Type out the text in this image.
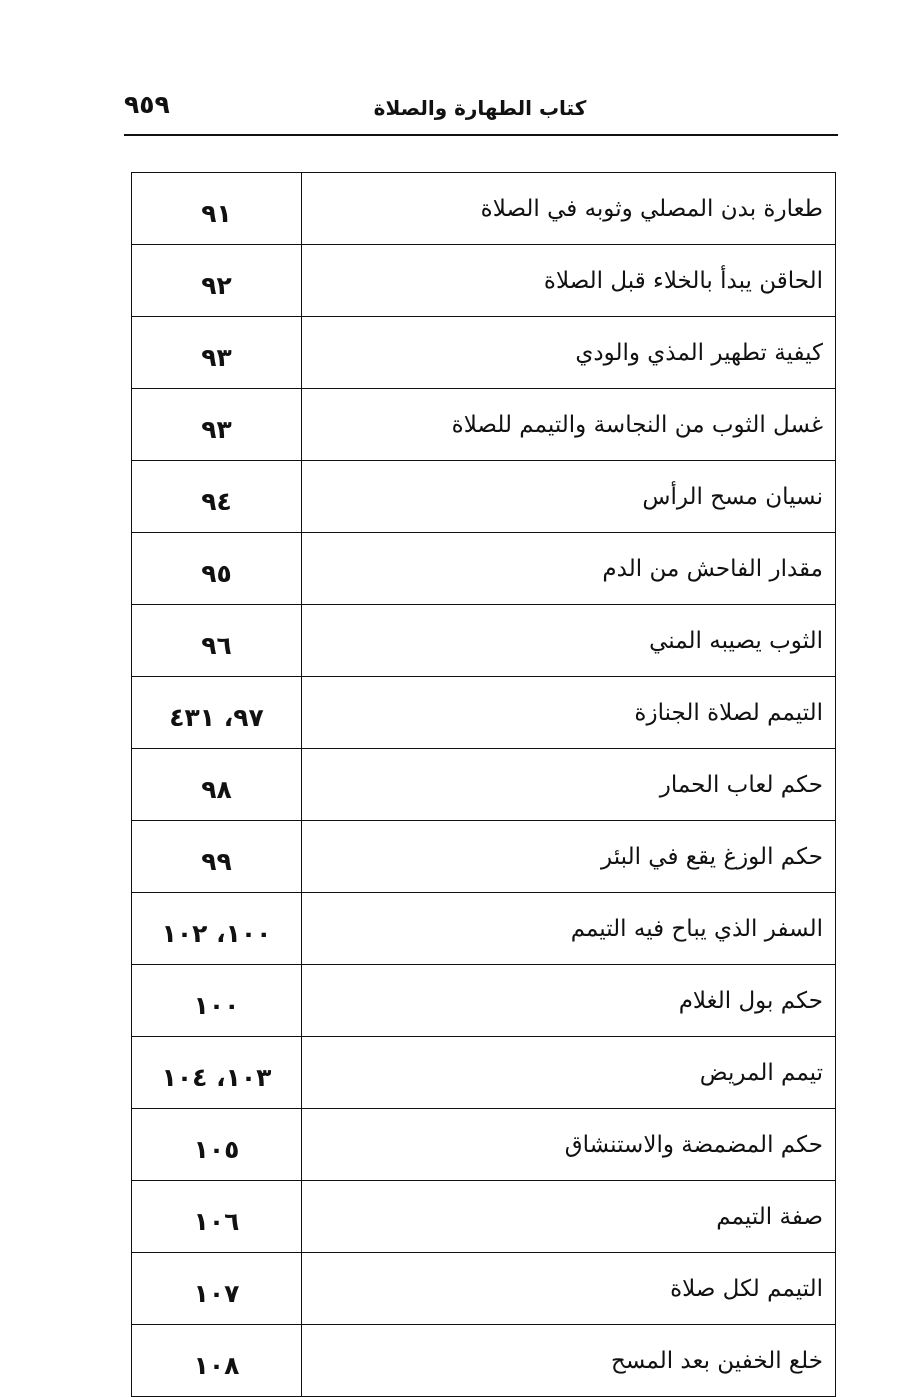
٩٥٩	كتاب الطهارة والصلاة
٩١	طعارة بدن المصلي وثوبه في الصلاة
٩٢	الحاقن يبدأ بالخلاء قبل الصلاة
٩٣	كيفية تطهير المذي والودي
٩٣	غسل الثوب من النجاسة والتيمم للصلاة
٩٤	نسيان مسح الرأس
٩٥	مقدار الفاحش من الدم
٩٦	الثوب يصيبه المني
٩٧، ٤٣١	التيمم لصلاة الجنازة
٩٨	حكم لعاب الحمار
٩٩	حكم الوزغ يقع في البئر
١٠٠، ١٠٢	السفر الذي يباح فيه التيمم
١٠٠	حكم بول الغلام
١٠٣، ١٠٤	تيمم المريض
١٠٥	حكم المضمضة والاستنشاق
١٠٦	صفة التيمم
١٠٧	التيمم لكل صلاة
١٠٨	خلع الخفين بعد المسح
